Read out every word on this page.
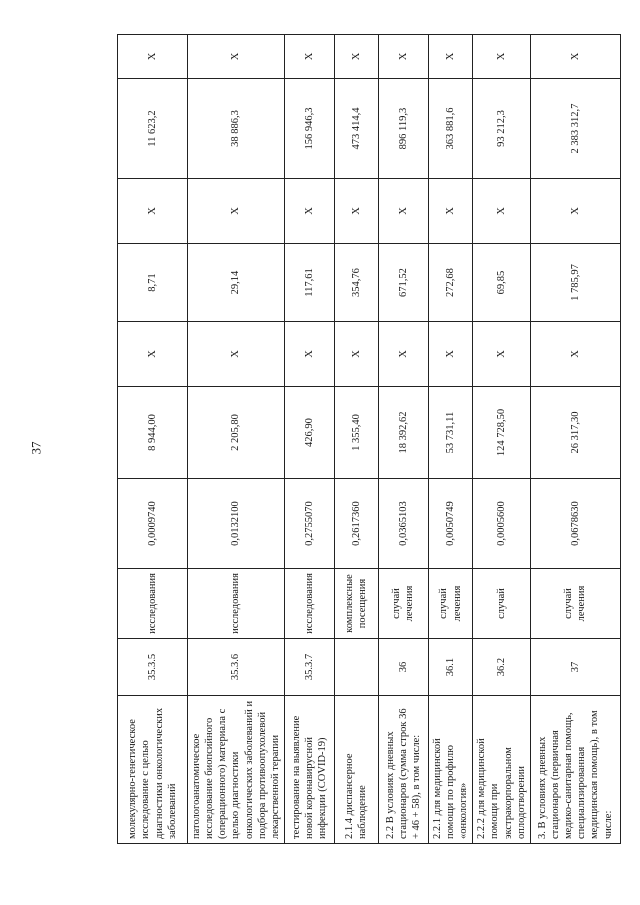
37
молекулярно-генетическое исследование с целью диагностики онкологических заболеваний	35.3.5	исследования	0,0009740	8 944,00	X	8,71	X	11 623,2	X
патологоанатомическое исследование биопсийного (операционного) материала с целью диагностики онкологических заболеваний и подбора противоопухолевой лекарственной терапии	35.3.6	исследования	0,0132100	2 205,80	X	29,14	X	38 886,3	X
тестирование на выявление новой коронавирусной инфекции (COVID-19)	35.3.7	исследования	0,2755070	426,90	X	117,61	X	156 946,3	X
2.1.4 диспансерное наблюдение		комплексные посещения	0,2617360	1 355,40	X	354,76	X	473 414,4	X
2.2 В условиях дневных стационаров (сумма строк 36 + 46 + 58), в том числе:	36	случай лечения	0,0365103	18 392,62	X	671,52	X	896 119,3	X
2.2.1 для медицинской помощи по профилю «онкология»	36.1	случай лечения	0,0050749	53 731,11	X	272,68	X	363 881,6	X
2.2.2 для медицинской помощи при экстракорпоральном оплодотворении	36.2	случай	0,0005600	124 728,50	X	69,85	X	93 212,3	X
3. В условиях дневных стационаров (первичная медико-санитарная помощь, специализированная медицинская помощь), в том числе:	37	случай лечения	0,0678630	26 317,30	X	1 785,97	X	2 383 312,7	X
